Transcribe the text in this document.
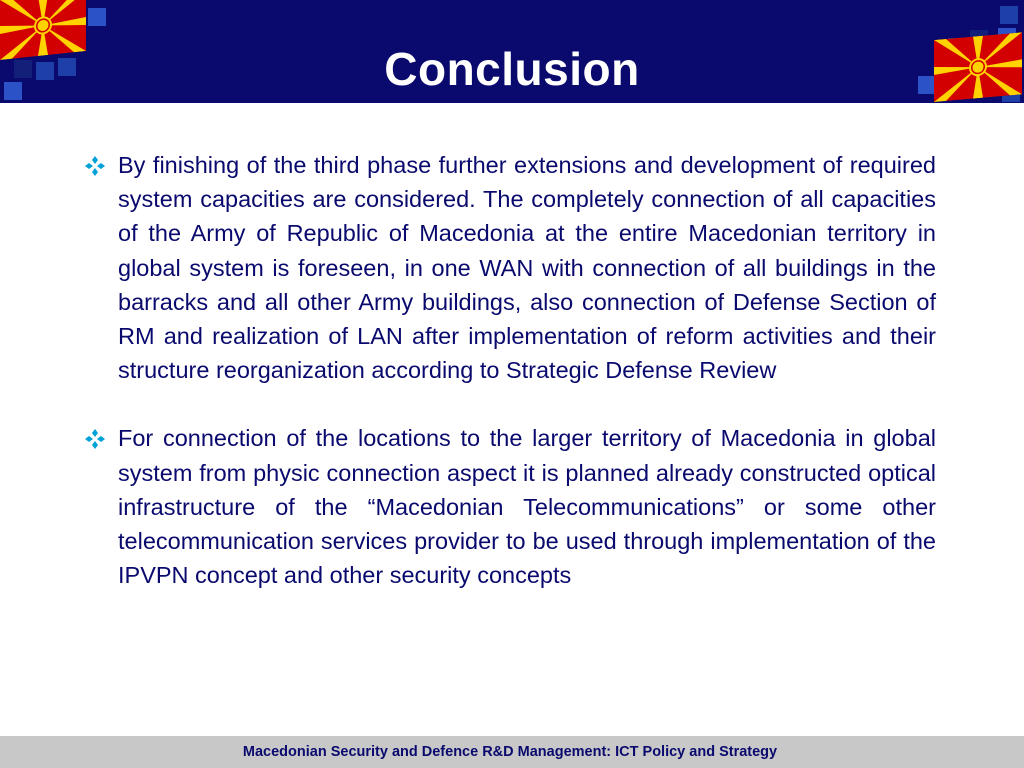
Conclusion
By finishing of the third phase further extensions and development of required system capacities are considered. The completely connection of all capacities of the Army of Republic of Macedonia at the entire Macedonian territory in global system is foreseen, in one WAN with connection of all buildings in the barracks and all other Army buildings, also connection of Defense Section of RM and realization of LAN after implementation of reform activities and their structure reorganization according to Strategic Defense Review
For connection of the locations to the larger territory of Macedonia in global system from physic connection aspect it is planned already constructed optical infrastructure of the “Macedonian Telecommunications” or some other telecommunication services provider to be used through implementation of the IPVPN concept and other security concepts
Macedonian Security and Defence R&D Management: ICT Policy and Strategy
